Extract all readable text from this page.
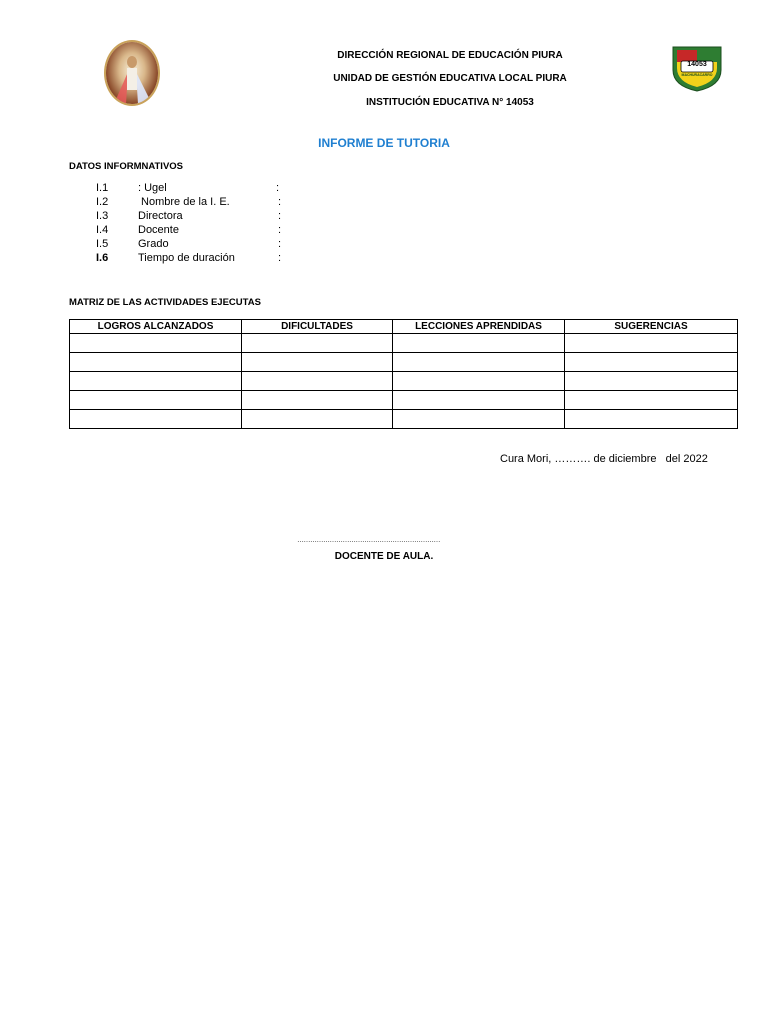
DIRECCIÓN REGIONAL DE EDUCACIÓN PIURA
UNIDAD DE GESTIÓN EDUCATIVA LOCAL PIURA
INSTITUCIÓN EDUCATIVA N° 14053
14053
MACHURACARRO
INFORME DE TUTORIA
DATOS INFORMNATIVOS
I.1	: Ugel	:
I.2	Nombre de la I. E.	:
I.3	Directora	:
I.4	Docente	:
I.5	Grado	:
I.6	Tiempo de duración	:
MATRIZ DE LAS ACTIVIDADES EJECUTAS
LOGROS ALCANZADOS	DIFICULTADES	LECCIONES APRENDIDAS	SUGERENCIAS

Cura Mori, ………. de diciembre   del 2022
…………………………………………………………
DOCENTE DE AULA.
